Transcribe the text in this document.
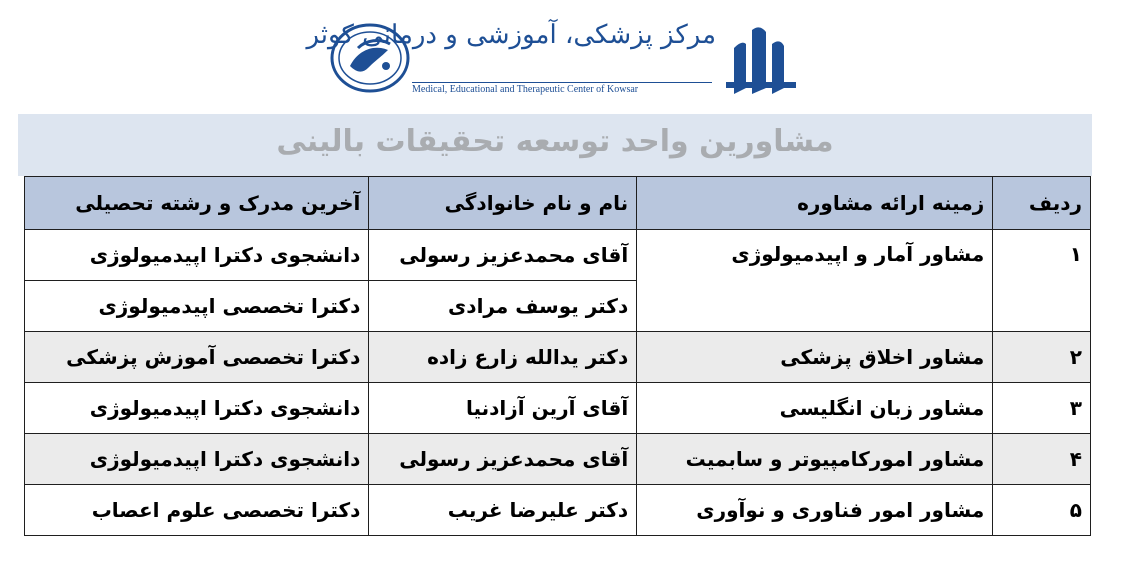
مرکز پزشکی، آموزشی و درمانی کوثر
Medical, Educational and Therapeutic Center of Kowsar
مشاورین واحد توسعه تحقیقات بالینی
ردیف	زمینه ارائه مشاوره	نام و نام خانوادگی	آخرین مدرک و رشته تحصیلی
۱	مشاور آمار و اپیدمیولوژی	آقای محمدعزیز رسولی	دانشجوی دکترا اپیدمیولوژی
		دکتر یوسف مرادی	دکترا تخصصی اپیدمیولوژی
۲	مشاور اخلاق پزشکی	دکتر یدالله زارع زاده	دکترا تخصصی آموزش پزشکی
۳	مشاور زبان انگلیسی	آقای آرین آزادنیا	دانشجوی دکترا اپیدمیولوژی
۴	مشاور امورکامپیوتر و سابمیت	آقای محمدعزیز رسولی	دانشجوی دکترا اپیدمیولوژی
۵	مشاور امور فناوری و نوآوری	دکتر علیرضا غریب	دکترا تخصصی علوم اعصاب
